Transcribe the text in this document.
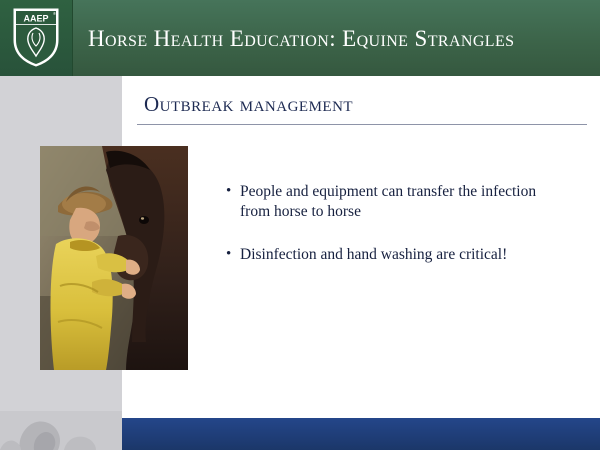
AAEP ®
Horse Health Education: Equine Strangles
Outbreak management
• People and equipment can transfer the infection from horse to horse
• Disinfection and hand washing are critical!
